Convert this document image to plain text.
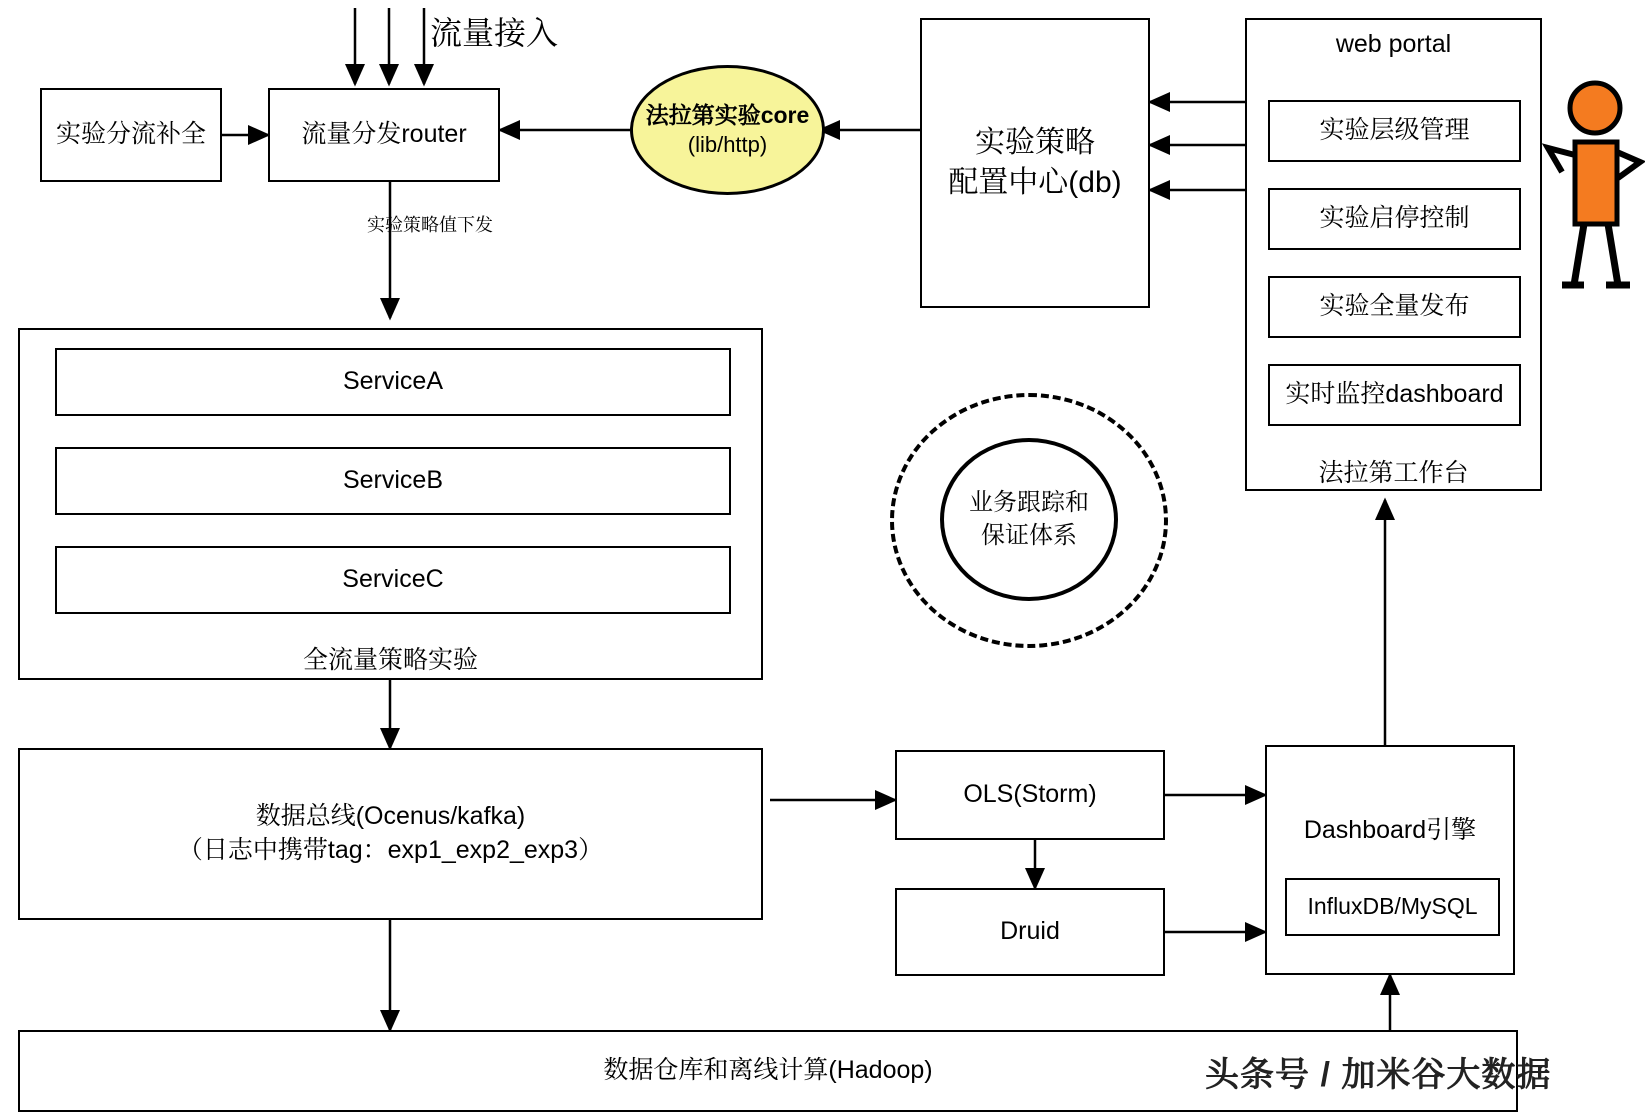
流量接入
实验分流补全	流量分发router
实验策略值下发
法拉第实验core
(lib/http)	实验策略
配置中心(db)
web portal
实验层级管理
实验启停控制
实验全量发布
实时监控dashboard
法拉第工作台
ServiceA
ServiceB
ServiceC
全流量策略实验
业务跟踪和
保证体系
数据总线(Ocenus/kafka)
（日志中携带tag：exp1_exp2_exp3）
OLS(Storm)
Druid
Dashboard引擎
InfluxDB/MySQL
数据仓库和离线计算(Hadoop)	头条号 / 加米谷大数据
